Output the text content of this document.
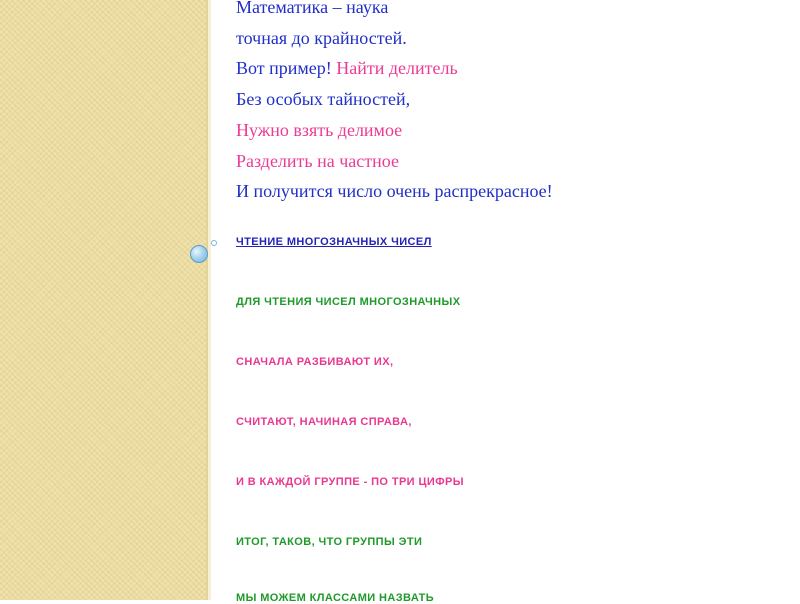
Математика – наука
точная до крайностей.
Вот пример! Найти делитель
Без особых тайностей,
Нужно взять делимое
Разделить на частное
И получится число очень распрекрасное!

ЧТЕНИЕ МНОГОЗНАЧНЫХ ЧИСЕЛ

ДЛЯ ЧТЕНИЯ ЧИСЕЛ МНОГОЗНАЧНЫХ

СНАЧАЛА РАЗБИВАЮТ ИХ,

СЧИТАЮТ, НАЧИНАЯ СПРАВА,

И В КАЖДОЙ ГРУППЕ - ПО ТРИ ЦИФРЫ

ИТОГ, ТАКОВ, ЧТО ГРУППЫ ЭТИ

МЫ МОЖЕМ КЛАССАМИ НАЗВАТЬ
